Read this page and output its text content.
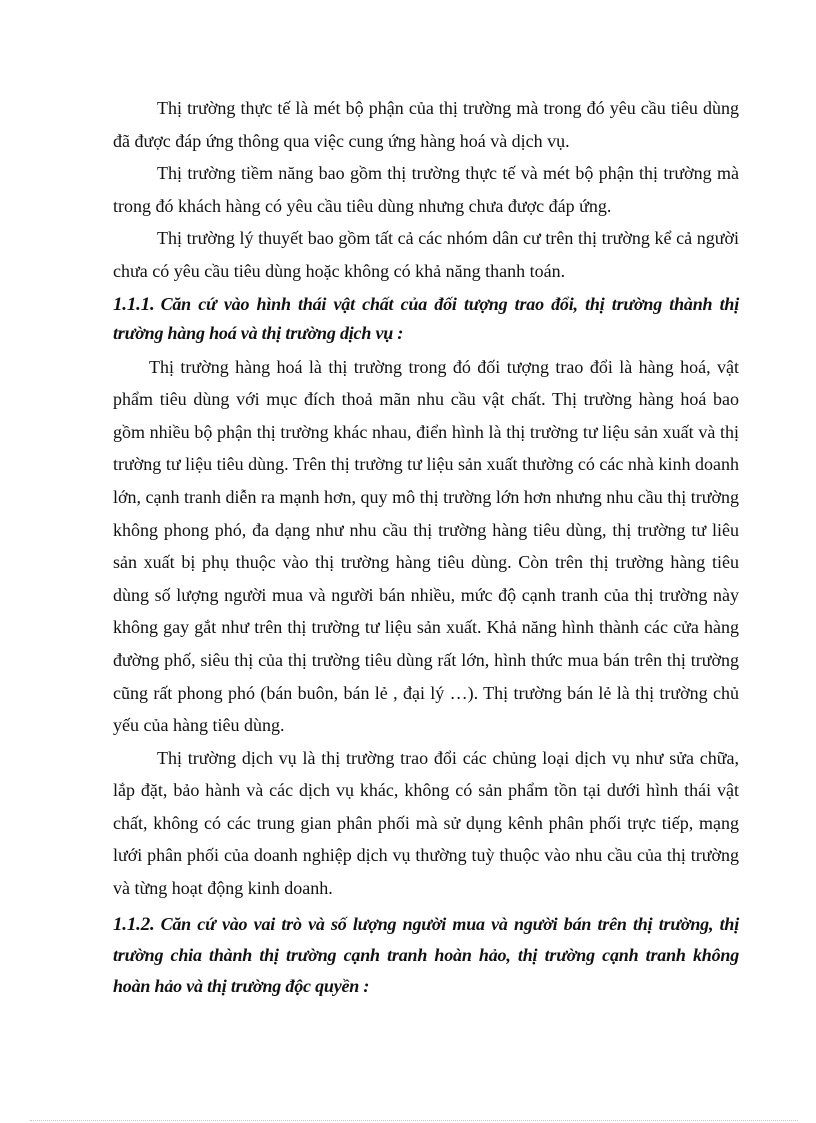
Thị trường thực tế là mét bộ phận của thị trường mà trong đó yêu cầu tiêu dùng đã được đáp ứng thông qua việc cung ứng hàng hoá và dịch vụ.

Thị trường tiềm năng bao gồm thị trường thực tế và mét bộ phận thị trường mà trong đó khách hàng có yêu cầu tiêu dùng nhưng chưa được đáp ứng.

Thị trường lý thuyết bao gồm tất cả các nhóm dân cư trên thị trường kể cả người chưa có yêu cầu tiêu dùng hoặc không có khả năng thanh toán.

1.1.1. Căn cứ vào hình thái vật chất của đối tượng trao đổi, thị trường thành thị trường hàng hoá và thị trường dịch vụ :

Thị trường hàng hoá là thị trường trong đó đối tượng trao đổi là hàng hoá, vật phẩm tiêu dùng với mục đích thoả mãn nhu cầu vật chất. Thị trường hàng hoá bao gồm nhiều bộ phận thị trường khác nhau, điển hình là thị trường tư liệu sản xuất và thị trường tư liệu tiêu dùng. Trên thị trường tư liệu sản xuất thường có các nhà kinh doanh lớn, cạnh tranh diễn ra mạnh hơn, quy mô thị trường lớn hơn nhưng nhu cầu thị trường không phong phó, đa dạng như nhu cầu thị trường hàng tiêu dùng, thị trường tư liêu sản xuất bị phụ thuộc vào thị trường hàng tiêu dùng. Còn trên thị trường hàng tiêu dùng số lượng người mua và người bán nhiều, mức độ cạnh tranh của thị trường này không gay gắt như trên thị trường tư liệu sản xuất. Khả năng hình thành các cửa hàng đường phố, siêu thị của thị trường tiêu dùng rất lớn, hình thức mua bán trên thị trường cũng rất phong phó (bán buôn, bán lẻ , đại lý …). Thị trường bán lẻ là thị trường chủ yếu của hàng tiêu dùng.

Thị trường dịch vụ là thị trường trao đổi các chủng loại dịch vụ như sửa chữa, lắp đặt, bảo hành và các dịch vụ khác, không có sản phẩm tồn tại dưới hình thái vật chất, không có các trung gian phân phối mà sử dụng kênh phân phối trực tiếp, mạng lưới phân phối của doanh nghiệp dịch vụ thường tuỳ thuộc vào nhu cầu của thị trường và từng hoạt động kinh doanh.

1.1.2. Căn cứ vào vai trò và số lượng người mua và người bán trên thị trường, thị trường chia thành thị trường cạnh tranh hoàn hảo, thị trường cạnh tranh không hoàn hảo và thị trường độc quyền :
